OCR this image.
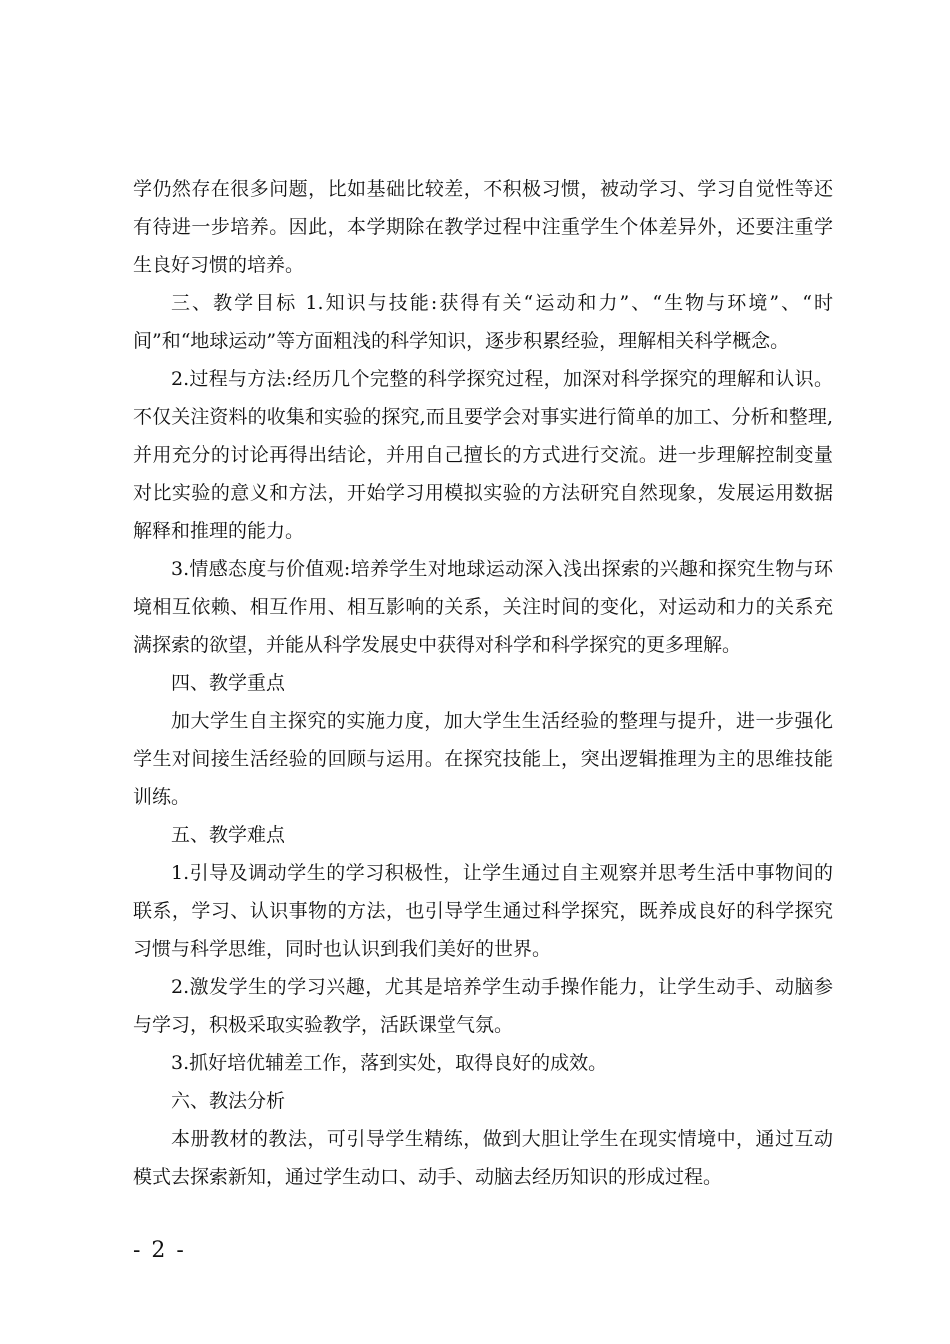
学仍然存在很多问题，比如基础比较差，不积极习惯，被动学习、学习自觉性等还有待进一步培养。因此，本学期除在教学过程中注重学生个体差异外，还要注重学生良好习惯的培养。

三、教学目标 1.知识与技能:获得有关“运动和力”、“生物与环境”、“时间”和“地球运动”等方面粗浅的科学知识，逐步积累经验，理解相关科学概念。

2.过程与方法:经历几个完整的科学探究过程，加深对科学探究的理解和认识。不仅关注资料的收集和实验的探究,而且要学会对事实进行简单的加工、分析和整理,并用充分的讨论再得出结论，并用自己擅长的方式进行交流。进一步理解控制变量对比实验的意义和方法，开始学习用模拟实验的方法研究自然现象，发展运用数据解释和推理的能力。

3.情感态度与价值观:培养学生对地球运动深入浅出探索的兴趣和探究生物与环境相互依赖、相互作用、相互影响的关系，关注时间的变化，对运动和力的关系充满探索的欲望，并能从科学发展史中获得对科学和科学探究的更多理解。

四、教学重点

加大学生自主探究的实施力度，加大学生生活经验的整理与提升，进一步强化学生对间接生活经验的回顾与运用。在探究技能上，突出逻辑推理为主的思维技能训练。

五、教学难点

1.引导及调动学生的学习积极性，让学生通过自主观察并思考生活中事物间的联系，学习、认识事物的方法，也引导学生通过科学探究，既养成良好的科学探究习惯与科学思维，同时也认识到我们美好的世界。

2.激发学生的学习兴趣，尤其是培养学生动手操作能力，让学生动手、动脑参与学习，积极采取实验教学，活跃课堂气氛。

3.抓好培优辅差工作，落到实处，取得良好的成效。

六、教法分析

本册教材的教法，可引导学生精练，做到大胆让学生在现实情境中，通过互动模式去探索新知，通过学生动口、动手、动脑去经历知识的形成过程。

- 2 -
